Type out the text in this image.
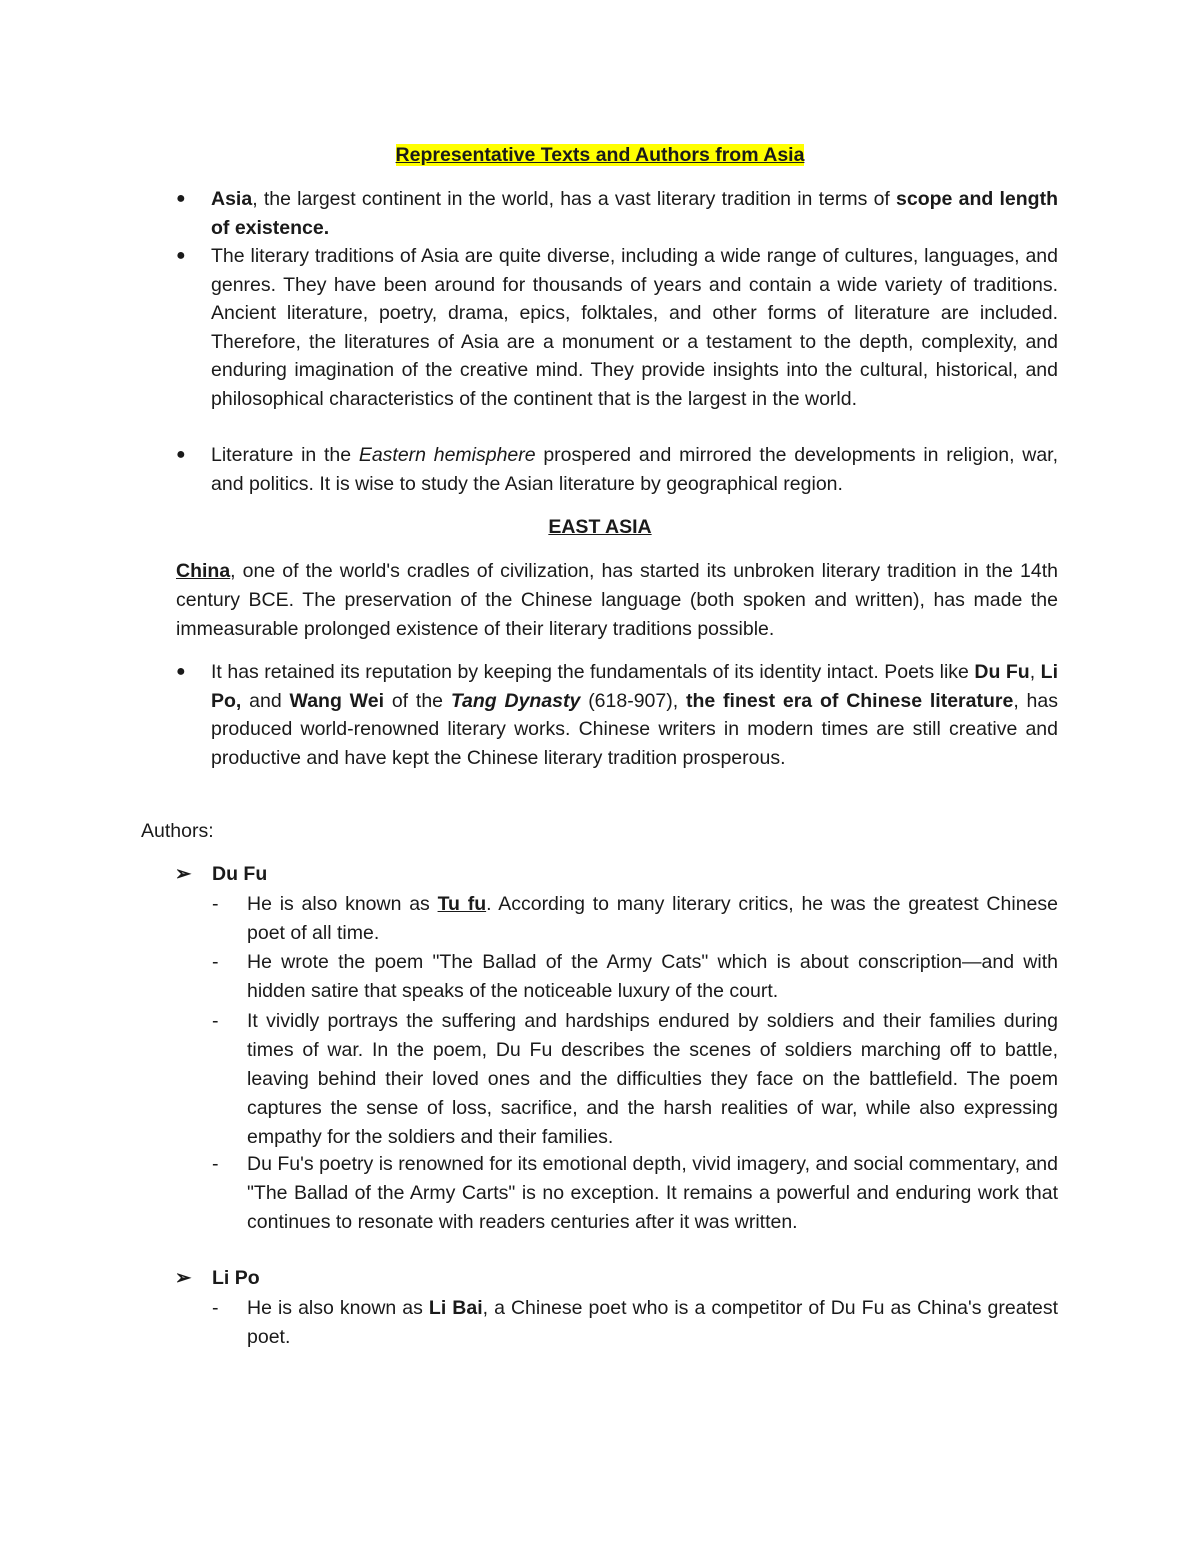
Representative Texts and Authors from Asia
● Asia, the largest continent in the world, has a vast literary tradition in terms of scope and length of existence.
● The literary traditions of Asia are quite diverse, including a wide range of cultures, languages, and genres. They have been around for thousands of years and contain a wide variety of traditions. Ancient literature, poetry, drama, epics, folktales, and other forms of literature are included. Therefore, the literatures of Asia are a monument or a testament to the depth, complexity, and enduring imagination of the creative mind. They provide insights into the cultural, historical, and philosophical characteristics of the continent that is the largest in the world.
● Literature in the Eastern hemisphere prospered and mirrored the developments in religion, war, and politics. It is wise to study the Asian literature by geographical region.
EAST ASIA
China, one of the world's cradles of civilization, has started its unbroken literary tradition in the 14th century BCE. The preservation of the Chinese language (both spoken and written), has made the immeasurable prolonged existence of their literary traditions possible.
● It has retained its reputation by keeping the fundamentals of its identity intact. Poets like Du Fu, Li Po, and Wang Wei of the Tang Dynasty (618-907), the finest era of Chinese literature, has produced world-renowned literary works. Chinese writers in modern times are still creative and productive and have kept the Chinese literary tradition prosperous.
Authors:
➢ Du Fu
- He is also known as Tu fu. According to many literary critics, he was the greatest Chinese poet of all time.
- He wrote the poem "The Ballad of the Army Cats" which is about conscription—and with hidden satire that speaks of the noticeable luxury of the court.
- It vividly portrays the suffering and hardships endured by soldiers and their families during times of war. In the poem, Du Fu describes the scenes of soldiers marching off to battle, leaving behind their loved ones and the difficulties they face on the battlefield. The poem captures the sense of loss, sacrifice, and the harsh realities of war, while also expressing empathy for the soldiers and their families.
- Du Fu's poetry is renowned for its emotional depth, vivid imagery, and social commentary, and "The Ballad of the Army Carts" is no exception. It remains a powerful and enduring work that continues to resonate with readers centuries after it was written.
➢ Li Po
- He is also known as Li Bai, a Chinese poet who is a competitor of Du Fu as China's greatest poet.
